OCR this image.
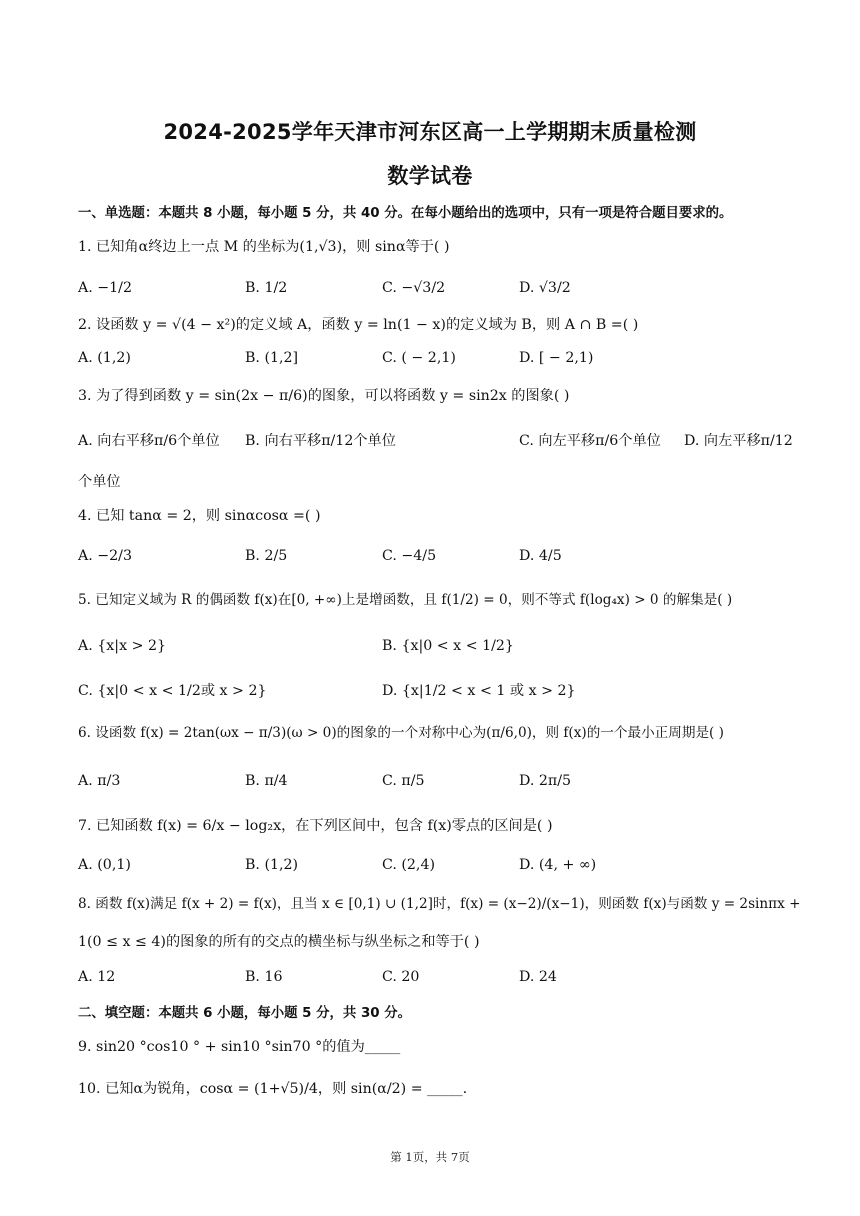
2024-2025学年天津市河东区高一上学期期末质量检测
数学试卷
一、单选题：本题共 8 小题，每小题 5 分，共 40 分。在每小题给出的选项中，只有一项是符合题目要求的。
1. 已知角α终边上一点 M 的坐标为(1,√3)，则 sinα等于( )
A. −1/2	B. 1/2	C. −√3/2	D. √3/2
2. 设函数 y = √(4 − x²)的定义域 A，函数 y = ln(1 − x)的定义域为 B，则 A ∩ B =( )
A. (1,2)	B. (1,2]	C. ( − 2,1)	D. [ − 2,1)
3. 为了得到函数 y = sin(2x − π/6)的图象，可以将函数 y = sin2x 的图象( )
A. 向右平移π/6个单位 B. 向右平移π/12个单位	C. 向左平移π/6个单位 D. 向左平移π/12
个单位
4. 已知 tanα = 2，则 sinαcosα =( )
A. −2/3	B. 2/5	C. −4/5	D. 4/5
5. 已知定义域为 R 的偶函数 f(x)在[0, +∞)上是增函数，且 f(1/2) = 0，则不等式 f(log₄x) > 0 的解集是( )
A. {x|x > 2}	B. {x|0 < x < 1/2}
C. {x|0 < x < 1/2或 x > 2}	D. {x|1/2 < x < 1 或 x > 2}
6. 设函数 f(x) = 2tan(ωx − π/3)(ω > 0)的图象的一个对称中心为(π/6,0)，则 f(x)的一个最小正周期是( )
A. π/3	B. π/4	C. π/5	D. 2π/5
7. 已知函数 f(x) = 6/x − log₂x，在下列区间中，包含 f(x)零点的区间是( )
A. (0,1)	B. (1,2)	C. (2,4)	D. (4, + ∞)
8. 函数 f(x)满足 f(x + 2) = f(x)，且当 x ∈ [0,1) ∪ (1,2]时，f(x) = (x−2)/(x−1)，则函数 f(x)与函数 y = 2sinπx +
1(0 ≤ x ≤ 4)的图象的所有的交点的横坐标与纵坐标之和等于( )
A. 12	B. 16	C. 20	D. 24
二、填空题：本题共 6 小题，每小题 5 分，共 30 分。
9. sin20 °cos10 ° + sin10 °sin70 °的值为_____
10. 已知α为锐角，cosα = (1+√5)/4，则 sin(α/2) = _____.
第 1页，共 7页
